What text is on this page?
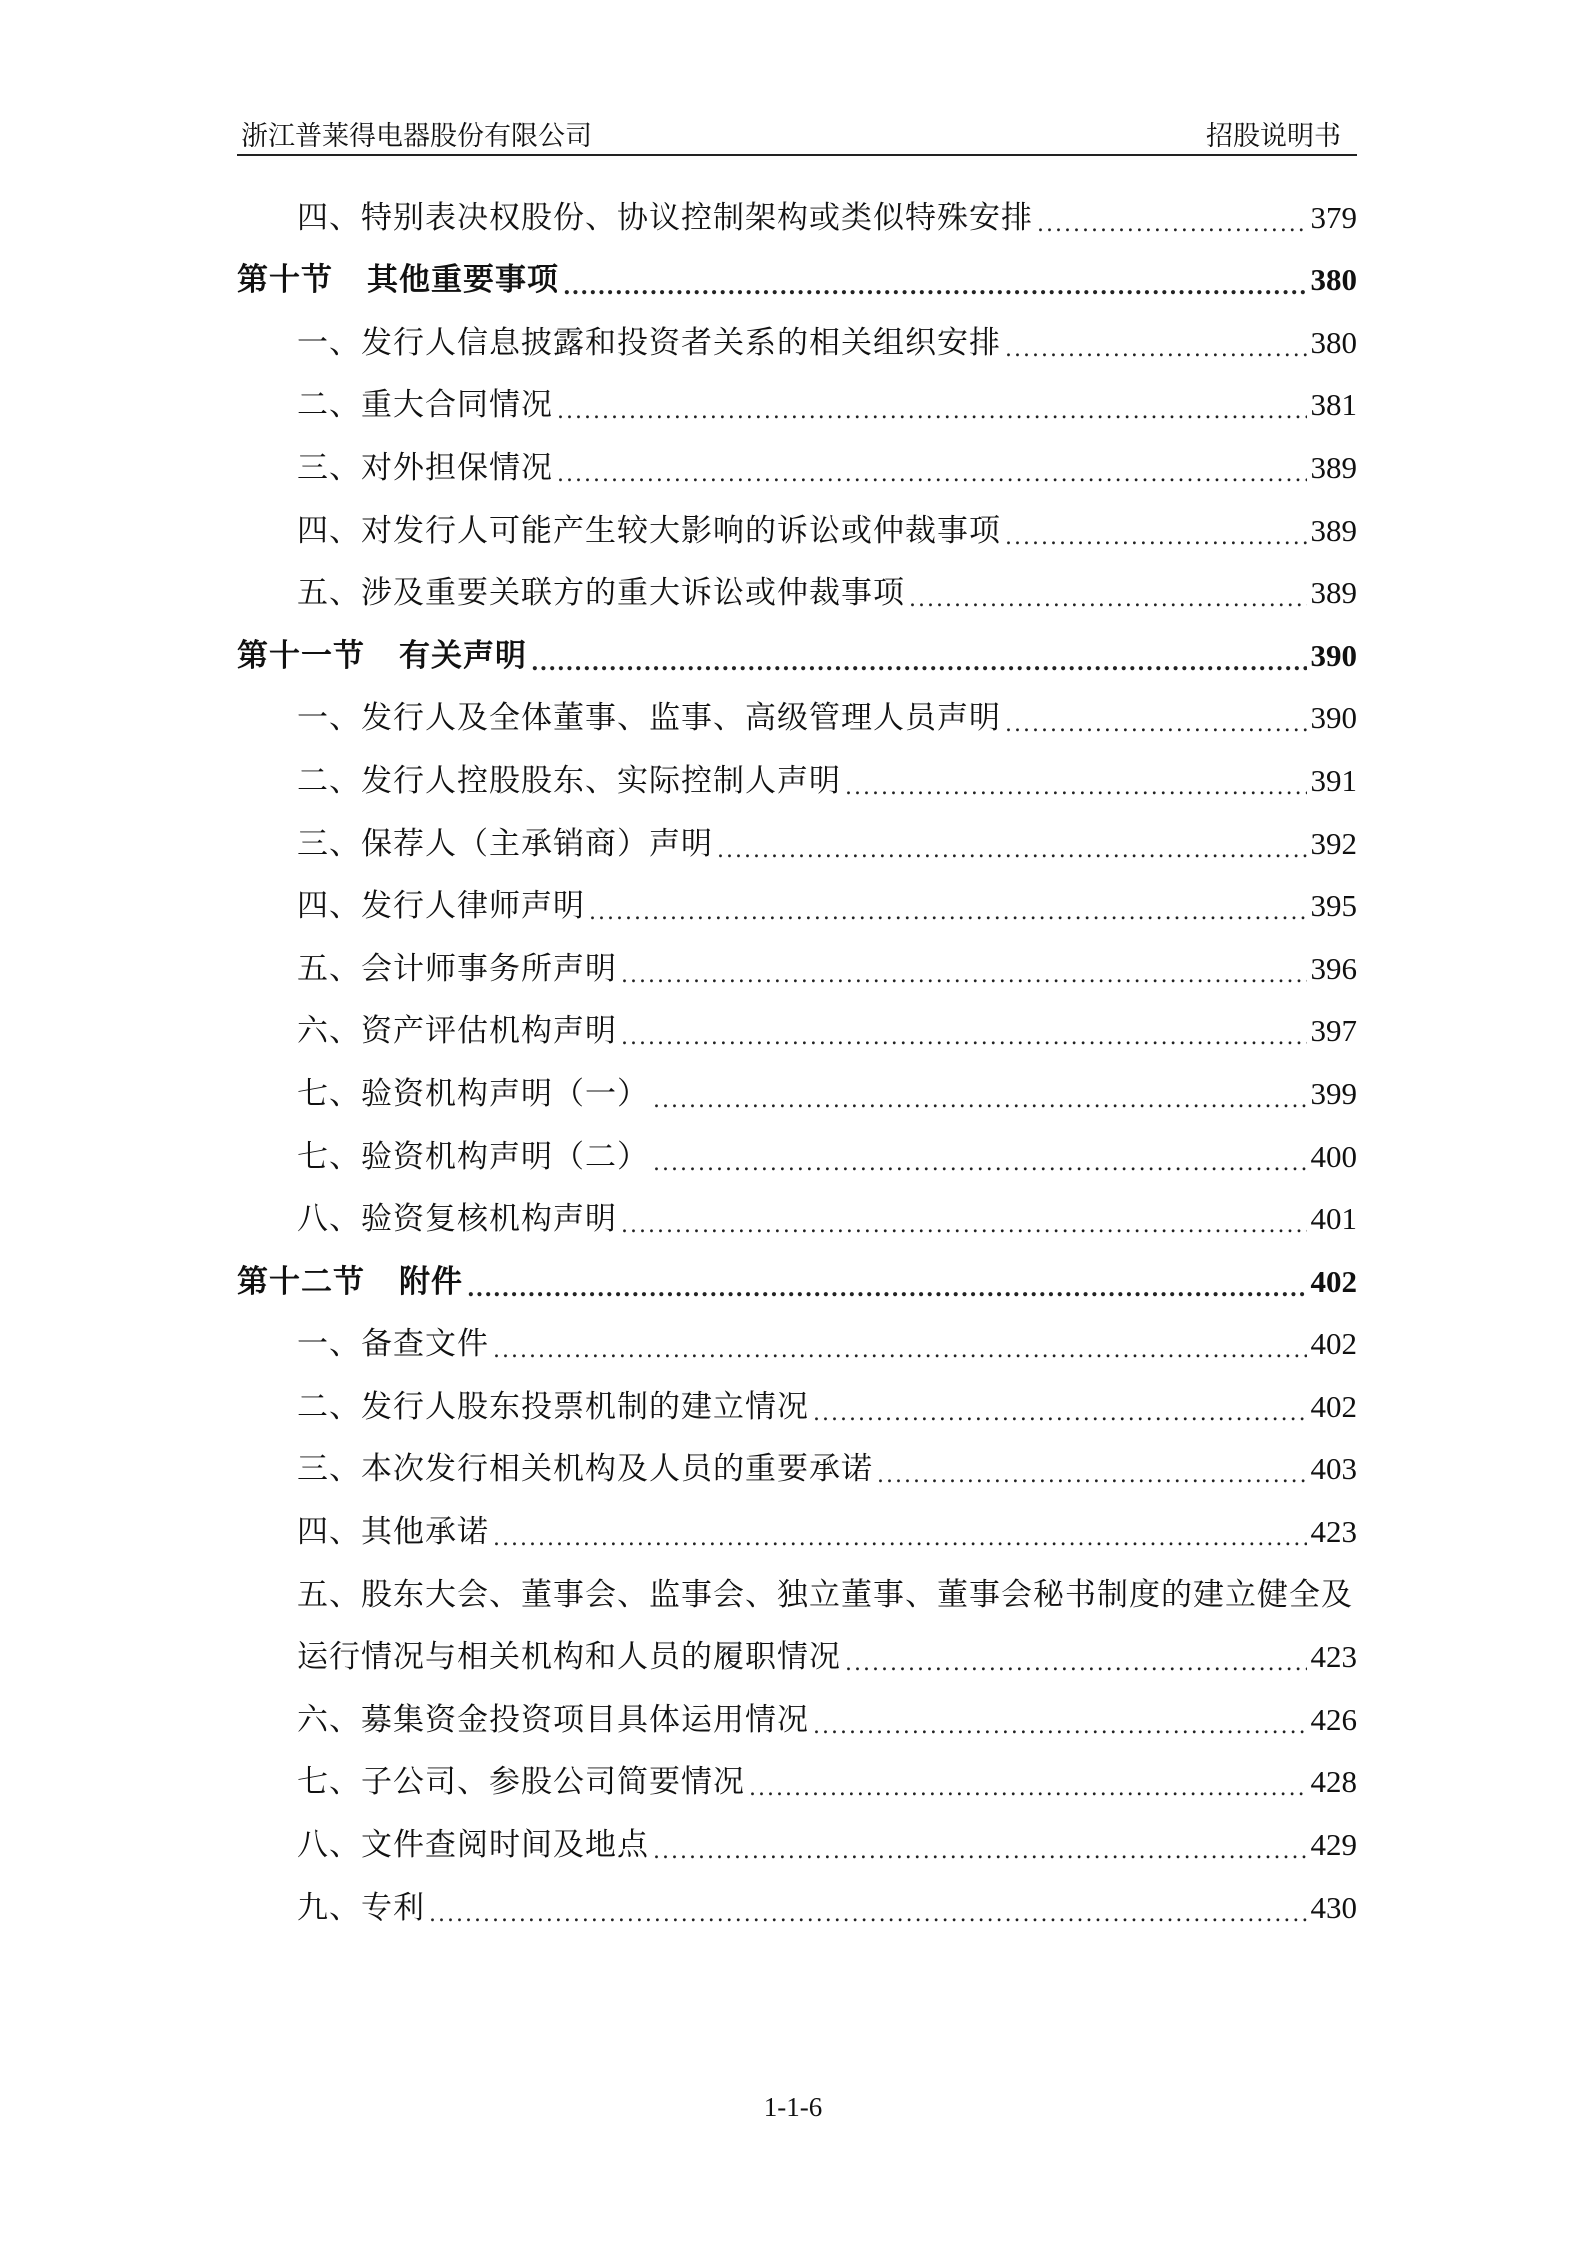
浙江普莱得电器股份有限公司	招股说明书
四、特别表决权股份、协议控制架构或类似特殊安排 .....	379
第十节 其他重要事项 .....	380
一、发行人信息披露和投资者关系的相关组织安排 .....	380
二、重大合同情况 .....	381
三、对外担保情况 .....	389
四、对发行人可能产生较大影响的诉讼或仲裁事项 .....	389
五、涉及重要关联方的重大诉讼或仲裁事项 .....	389
第十一节 有关声明 .....	390
一、发行人及全体董事、监事、高级管理人员声明 .....	390
二、发行人控股股东、实际控制人声明 .....	391
三、保荐人（主承销商）声明 .....	392
四、发行人律师声明 .....	395
五、会计师事务所声明 .....	396
六、资产评估机构声明 .....	397
七、验资机构声明（一） .....	399
七、验资机构声明（二） .....	400
八、验资复核机构声明 .....	401
第十二节 附件 .....	402
一、备查文件 .....	402
二、发行人股东投票机制的建立情况 .....	402
三、本次发行相关机构及人员的重要承诺 .....	403
四、其他承诺 .....	423
五、股东大会、董事会、监事会、独立董事、董事会秘书制度的建立健全及
运行情况与相关机构和人员的履职情况 .....	423
六、募集资金投资项目具体运用情况 .....	426
七、子公司、参股公司简要情况 .....	428
八、文件查阅时间及地点 .....	429
九、专利 .....	430
1-1-6
